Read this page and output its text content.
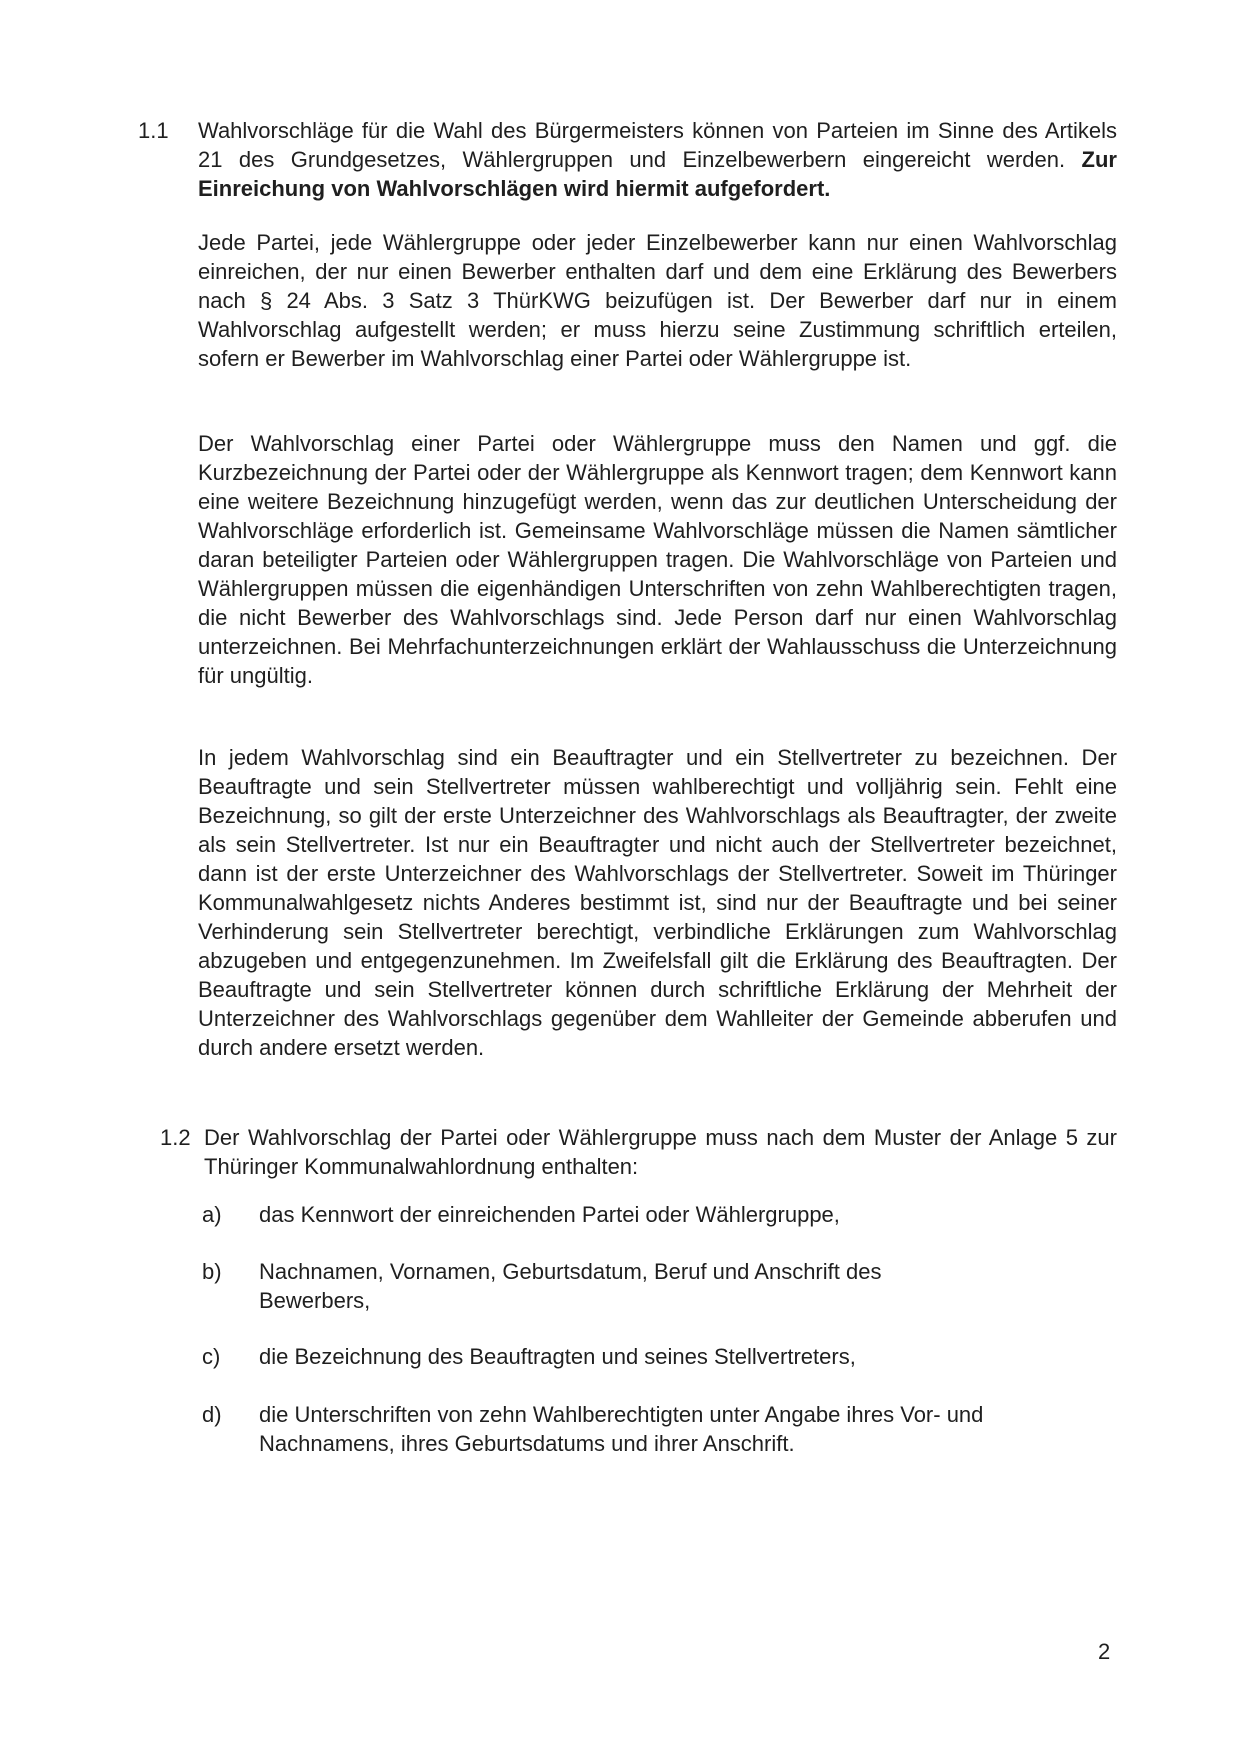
1.1 Wahlvorschläge für die Wahl des Bürgermeisters können von Parteien im Sinne des Artikels 21 des Grundgesetzes, Wählergruppen und Einzelbewerbern eingereicht werden. Zur Einreichung von Wahlvorschlägen wird hiermit aufgefordert.
Jede Partei, jede Wählergruppe oder jeder Einzelbewerber kann nur einen Wahlvorschlag einreichen, der nur einen Bewerber enthalten darf und dem eine Erklärung des Bewerbers nach § 24 Abs. 3 Satz 3 ThürKWG beizufügen ist. Der Bewerber darf nur in einem Wahlvorschlag aufgestellt werden; er muss hierzu seine Zustimmung schriftlich erteilen, sofern er Bewerber im Wahlvorschlag einer Partei oder Wählergruppe ist.
Der Wahlvorschlag einer Partei oder Wählergruppe muss den Namen und ggf. die Kurzbezeichnung der Partei oder der Wählergruppe als Kennwort tragen; dem Kennwort kann eine weitere Bezeichnung hinzugefügt werden, wenn das zur deutlichen Unterscheidung der Wahlvorschläge erforderlich ist. Gemeinsame Wahlvorschläge müssen die Namen sämtlicher daran beteiligter Parteien oder Wählergruppen tragen. Die Wahlvorschläge von Parteien und Wählergruppen müssen die eigenhändigen Unterschriften von zehn Wahlberechtigten tragen, die nicht Bewerber des Wahlvorschlags sind. Jede Person darf nur einen Wahlvorschlag unterzeichnen. Bei Mehrfachunterzeichnungen erklärt der Wahlausschuss die Unterzeichnung für ungültig.
In jedem Wahlvorschlag sind ein Beauftragter und ein Stellvertreter zu bezeichnen. Der Beauftragte und sein Stellvertreter müssen wahlberechtigt und volljährig sein. Fehlt eine Bezeichnung, so gilt der erste Unterzeichner des Wahlvorschlags als Beauftragter, der zweite als sein Stellvertreter. Ist nur ein Beauftragter und nicht auch der Stellvertreter bezeichnet, dann ist der erste Unterzeichner des Wahlvorschlags der Stellvertreter. Soweit im Thüringer Kommunalwahlgesetz nichts Anderes bestimmt ist, sind nur der Beauftragte und bei seiner Verhinderung sein Stellvertreter berechtigt, verbindliche Erklärungen zum Wahlvorschlag abzugeben und entgegenzunehmen. Im Zweifelsfall gilt die Erklärung des Beauftragten. Der Beauftragte und sein Stellvertreter können durch schriftliche Erklärung der Mehrheit der Unterzeichner des Wahlvorschlags gegenüber dem Wahlleiter der Gemeinde abberufen und durch andere ersetzt werden.
1.2 Der Wahlvorschlag der Partei oder Wählergruppe muss nach dem Muster der Anlage 5 zur Thüringer Kommunalwahlordnung enthalten:
a) das Kennwort der einreichenden Partei oder Wählergruppe,
b) Nachnamen, Vornamen, Geburtsdatum, Beruf und Anschrift des Bewerbers,
c) die Bezeichnung des Beauftragten und seines Stellvertreters,
d) die Unterschriften von zehn Wahlberechtigten unter Angabe ihres Vor- und Nachnamens, ihres Geburtsdatums und ihrer Anschrift.
2
